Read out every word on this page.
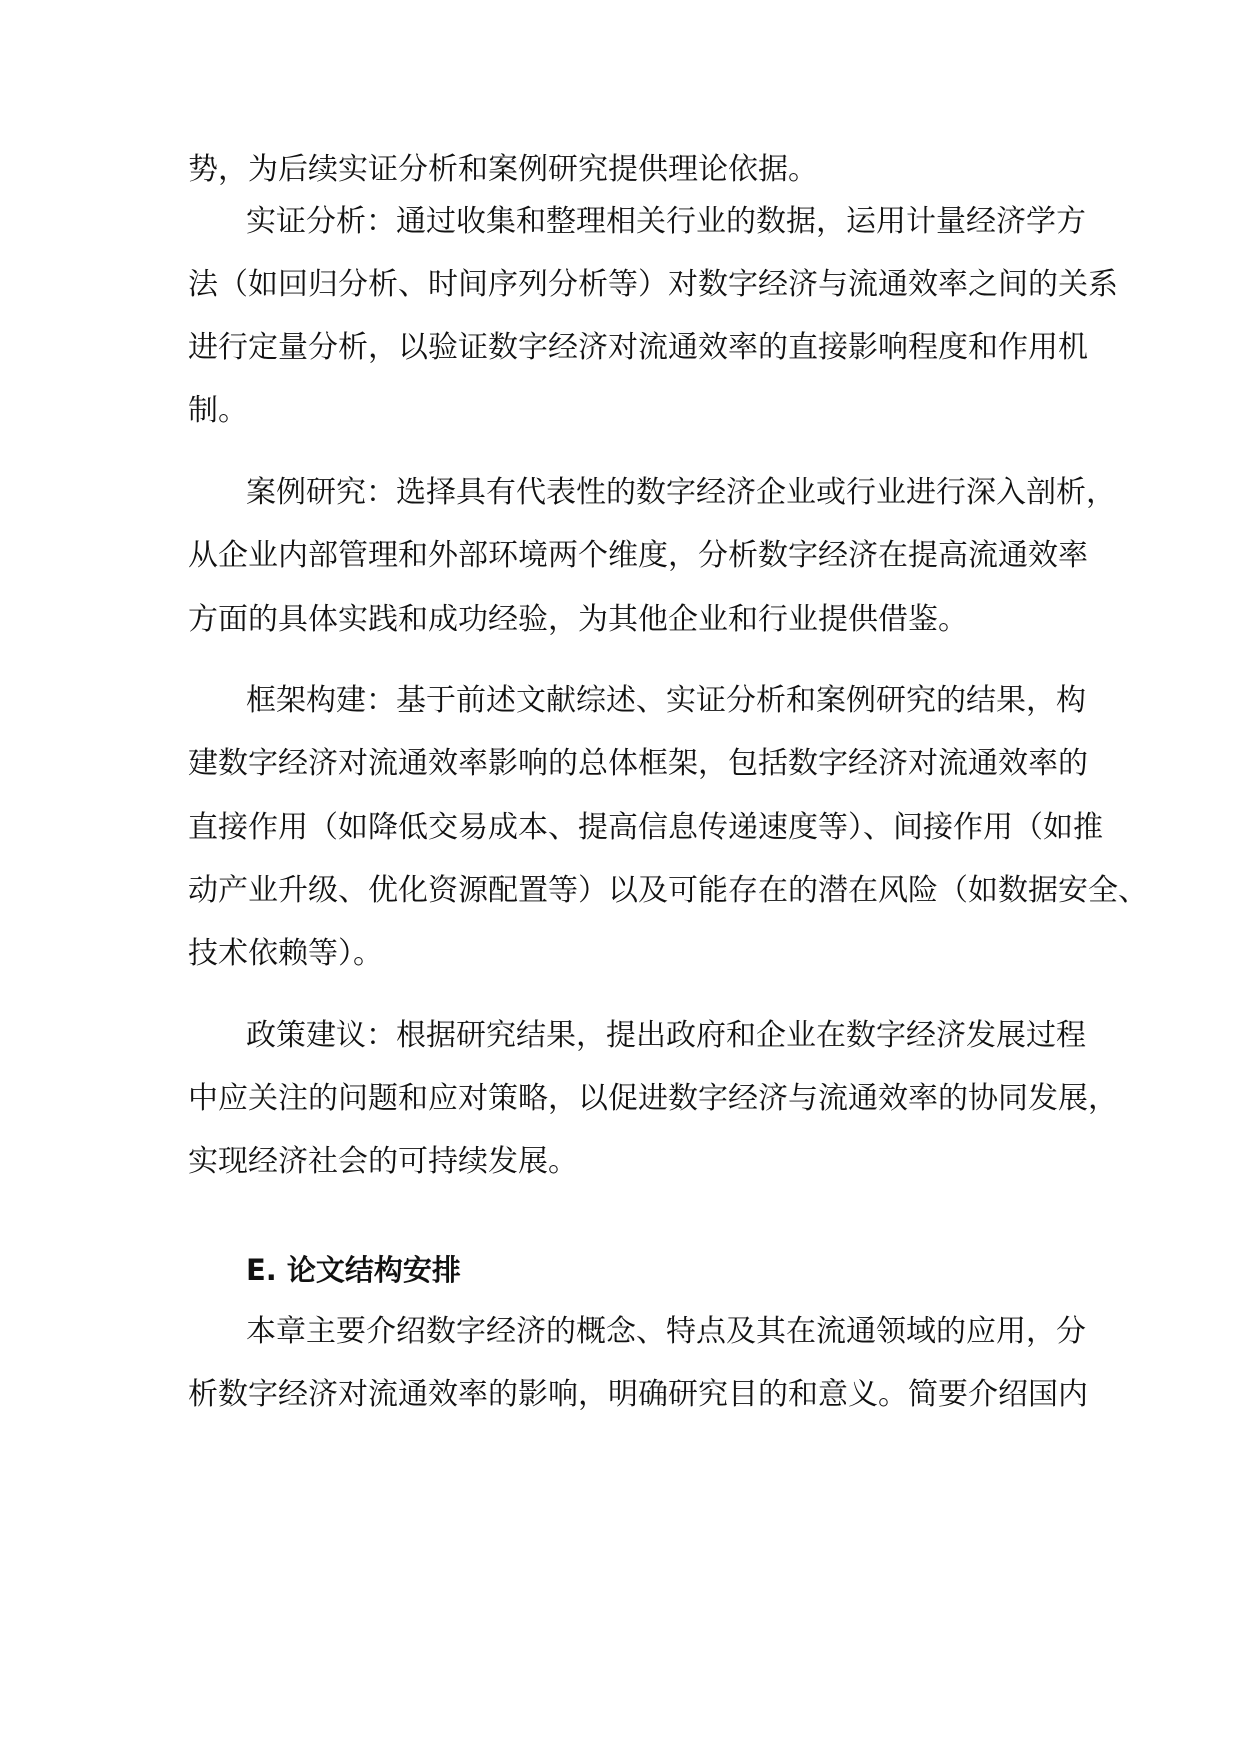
势，为后续实证分析和案例研究提供理论依据。
实证分析：通过收集和整理相关行业的数据，运用计量经济学方
法（如回归分析、时间序列分析等）对数字经济与流通效率之间的关系
进行定量分析，以验证数字经济对流通效率的直接影响程度和作用机
制。
案例研究：选择具有代表性的数字经济企业或行业进行深入剖析，
从企业内部管理和外部环境两个维度，分析数字经济在提高流通效率
方面的具体实践和成功经验，为其他企业和行业提供借鉴。
框架构建：基于前述文献综述、实证分析和案例研究的结果，构
建数字经济对流通效率影响的总体框架，包括数字经济对流通效率的
直接作用（如降低交易成本、提高信息传递速度等）、间接作用（如推
动产业升级、优化资源配置等）以及可能存在的潜在风险（如数据安全、
技术依赖等）。
政策建议：根据研究结果，提出政府和企业在数字经济发展过程
中应关注的问题和应对策略，以促进数字经济与流通效率的协同发展，
实现经济社会的可持续发展。
E. 论文结构安排
本章主要介绍数字经济的概念、特点及其在流通领域的应用，分
析数字经济对流通效率的影响，明确研究目的和意义。简要介绍国内
